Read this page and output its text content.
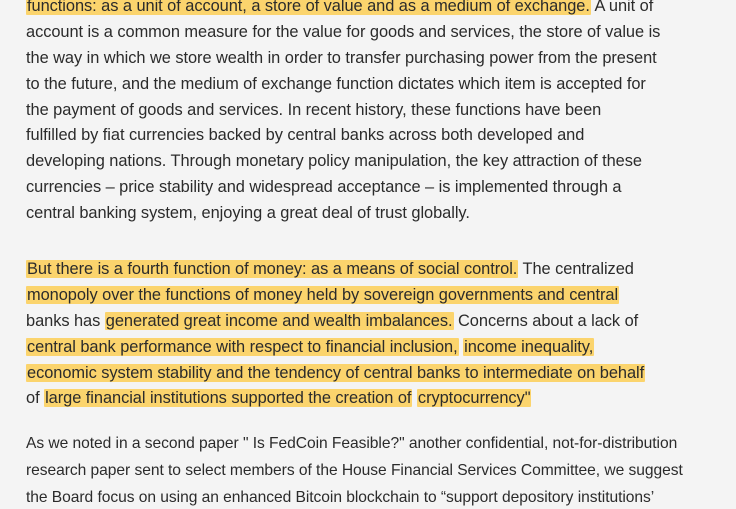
functions: as a unit of account, a store of value and as a medium of exchange. A unit of
account is a common measure for the value for goods and services, the store of value is
the way in which we store wealth in order to transfer purchasing power from the present
to the future, and the medium of exchange function dictates which item is accepted for
the payment of goods and services. In recent history, these functions have been
fulfilled by fiat currencies backed by central banks across both developed and
developing nations. Through monetary policy manipulation, the key attraction of these
currencies – price stability and widespread acceptance – is implemented through a
central banking system, enjoying a great deal of trust globally.
But there is a fourth function of money: as a means of social control. The centralized
monopoly over the functions of money held by sovereign governments and central
banks has generated great income and wealth imbalances. Concerns about a lack of
central bank performance with respect to financial inclusion, income inequality,
economic system stability and the tendency of central banks to intermediate on behalf
of large financial institutions supported the creation of cryptocurrency"
As we noted in a second paper " Is FedCoin Feasible?" another confidential, not-for-distribution
research paper sent to select members of the House Financial Services Committee, we suggest
the Board focus on using an enhanced Bitcoin blockchain to “support depository institutions’
